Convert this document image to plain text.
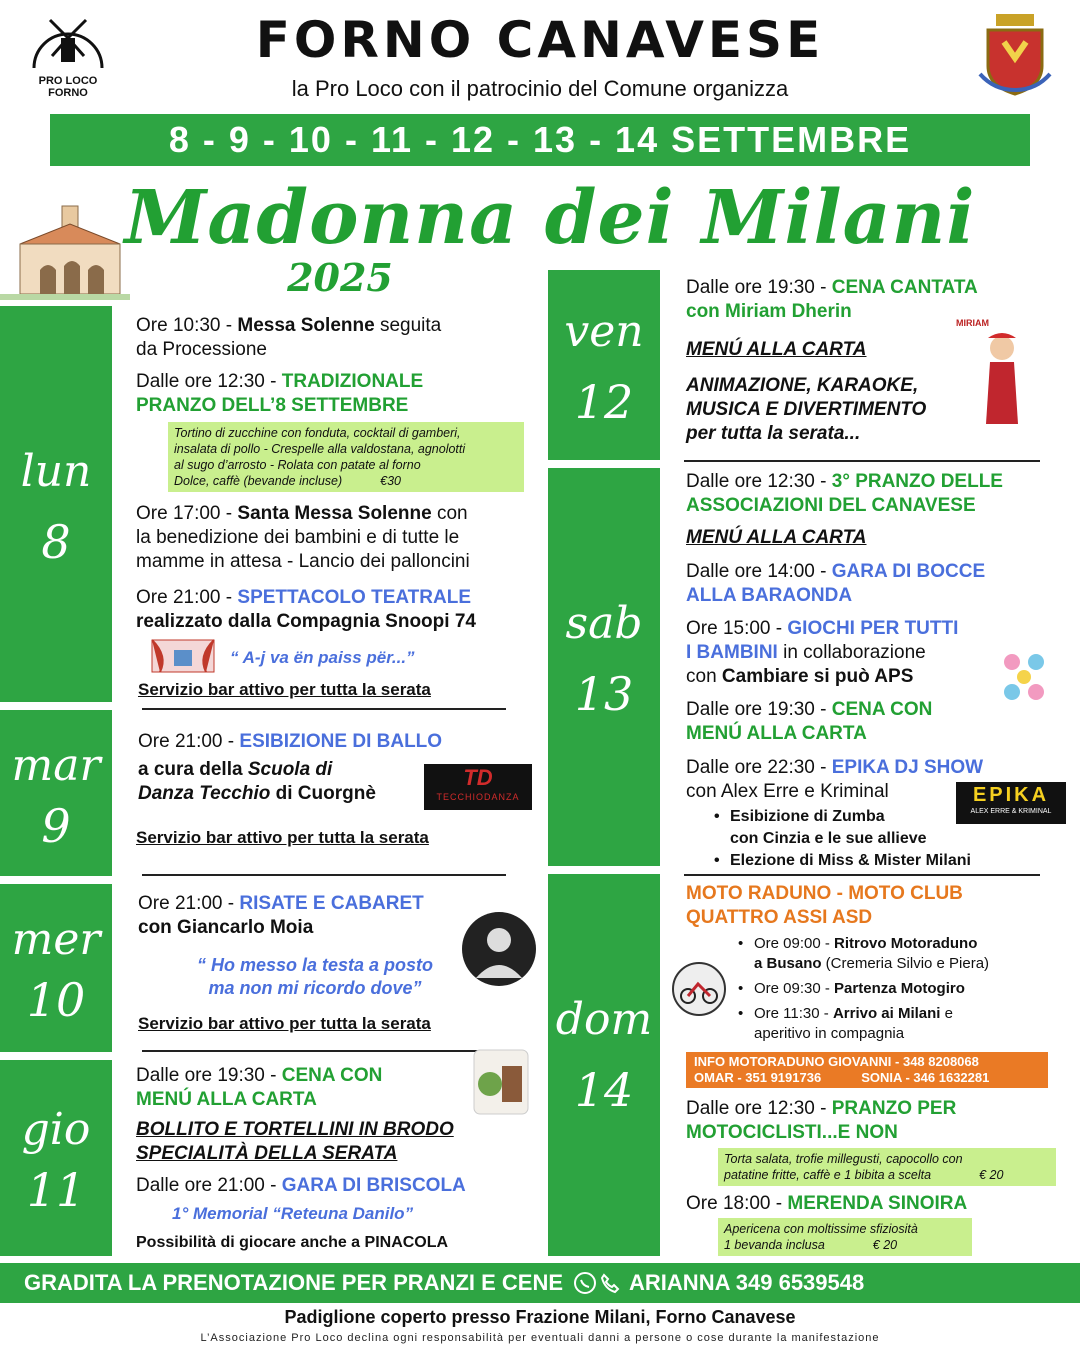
PRO LOCO
FORNO
FORNO CANAVESE
la Pro Loco con il patrocinio del Comune organizza
8 - 9 - 10 - 11 - 12 - 13 - 14 SETTEMBRE
Madonna dei Milani
2025
lun
8
mar
9
mer
10
gio
11
ven
12
sab
13
dom
14
Ore 10:30 - Messa Solenne seguita
da Processione
Dalle ore 12:30 - TRADIZIONALE
PRANZO DELL’8 SETTEMBRE
Tortino di zucchine con fonduta, cocktail di gamberi,
insalata di pollo - Crespelle alla valdostana, agnolotti
al sugo d’arrosto - Rolata con patate al forno
Dolce, caffè (bevande incluse)	€30
Ore 17:00 - Santa Messa Solenne con
la benedizione dei bambini e di tutte le
mamme in attesa - Lancio dei palloncini
Ore 21:00 - SPETTACOLO TEATRALE
realizzato dalla Compagnia Snoopi 74
“ A-j va ën paiss për...”
Servizio bar attivo per tutta la serata
Ore 21:00 - ESIBIZIONE DI BALLO
a cura della Scuola di
Danza Tecchio di Cuorgnè
TD
TECCHIODANZA
Servizio bar attivo per tutta la serata
Ore 21:00 - RISATE E CABARET
con Giancarlo Moia
“ Ho messo la testa a posto
ma non mi ricordo dove”
Servizio bar attivo per tutta la serata
Dalle ore 19:30 - CENA CON
MENÚ ALLA CARTA
BOLLITO E TORTELLINI IN BRODO
SPECIALITÀ DELLA SERATA
Dalle ore 21:00 - GARA DI BRISCOLA
1° Memorial “Reteuna Danilo”
Possibilità di giocare anche a PINACOLA
Dalle ore 19:30 - CENA CANTATA
con Miriam Dherin
MENÚ ALLA CARTA
ANIMAZIONE, KARAOKE,
MUSICA E DIVERTIMENTO
per tutta la serata...
MIRIAM
Dalle ore 12:30 - 3° PRANZO DELLE
ASSOCIAZIONI DEL CANAVESE
MENÚ ALLA CARTA
Dalle ore 14:00 - GARA DI BOCCE
ALLA BARAONDA
Ore 15:00 - GIOCHI PER TUTTI
I BAMBINI in collaborazione
con Cambiare si può APS
Dalle ore 19:30 - CENA CON
MENÚ ALLA CARTA
Dalle ore 22:30 - EPIKA DJ SHOW
con Alex Erre e Kriminal	EPIKA
ALEX ERRE & KRIMINAL
• Esibizione di Zumba
con Cinzia e le sue allieve
• Elezione di Miss & Mister Milani
MOTO RADUNO - MOTO CLUB
QUATTRO ASSI ASD
• Ore 09:00 - Ritrovo Motoraduno
a Busano (Cremeria Silvio e Piera)
• Ore 09:30 - Partenza Motogiro
• Ore 11:30 - Arrivo ai Milani e
aperitivo in compagnia
INFO MOTORADUNO GIOVANNI - 348 8208068
OMAR - 351 9191736	SONIA - 346 1632281
Dalle ore 12:30 - PRANZO PER
MOTOCICLISTI...E NON
Torta salata, trofie millegusti, capocollo con
patatine fritte, caffè e 1 bibita a scelta	€ 20
Ore 18:00 - MERENDA SINOIRA
Apericena con moltissime sfiziosità
1 bevanda inclusa	€ 20
GRADITA LA PRENOTAZIONE PER PRANZI E CENE	ARIANNA 349 6539548
Padiglione coperto presso Frazione Milani, Forno Canavese
L’Associazione Pro Loco declina ogni responsabilità per eventuali danni a persone o cose durante la manifestazione
